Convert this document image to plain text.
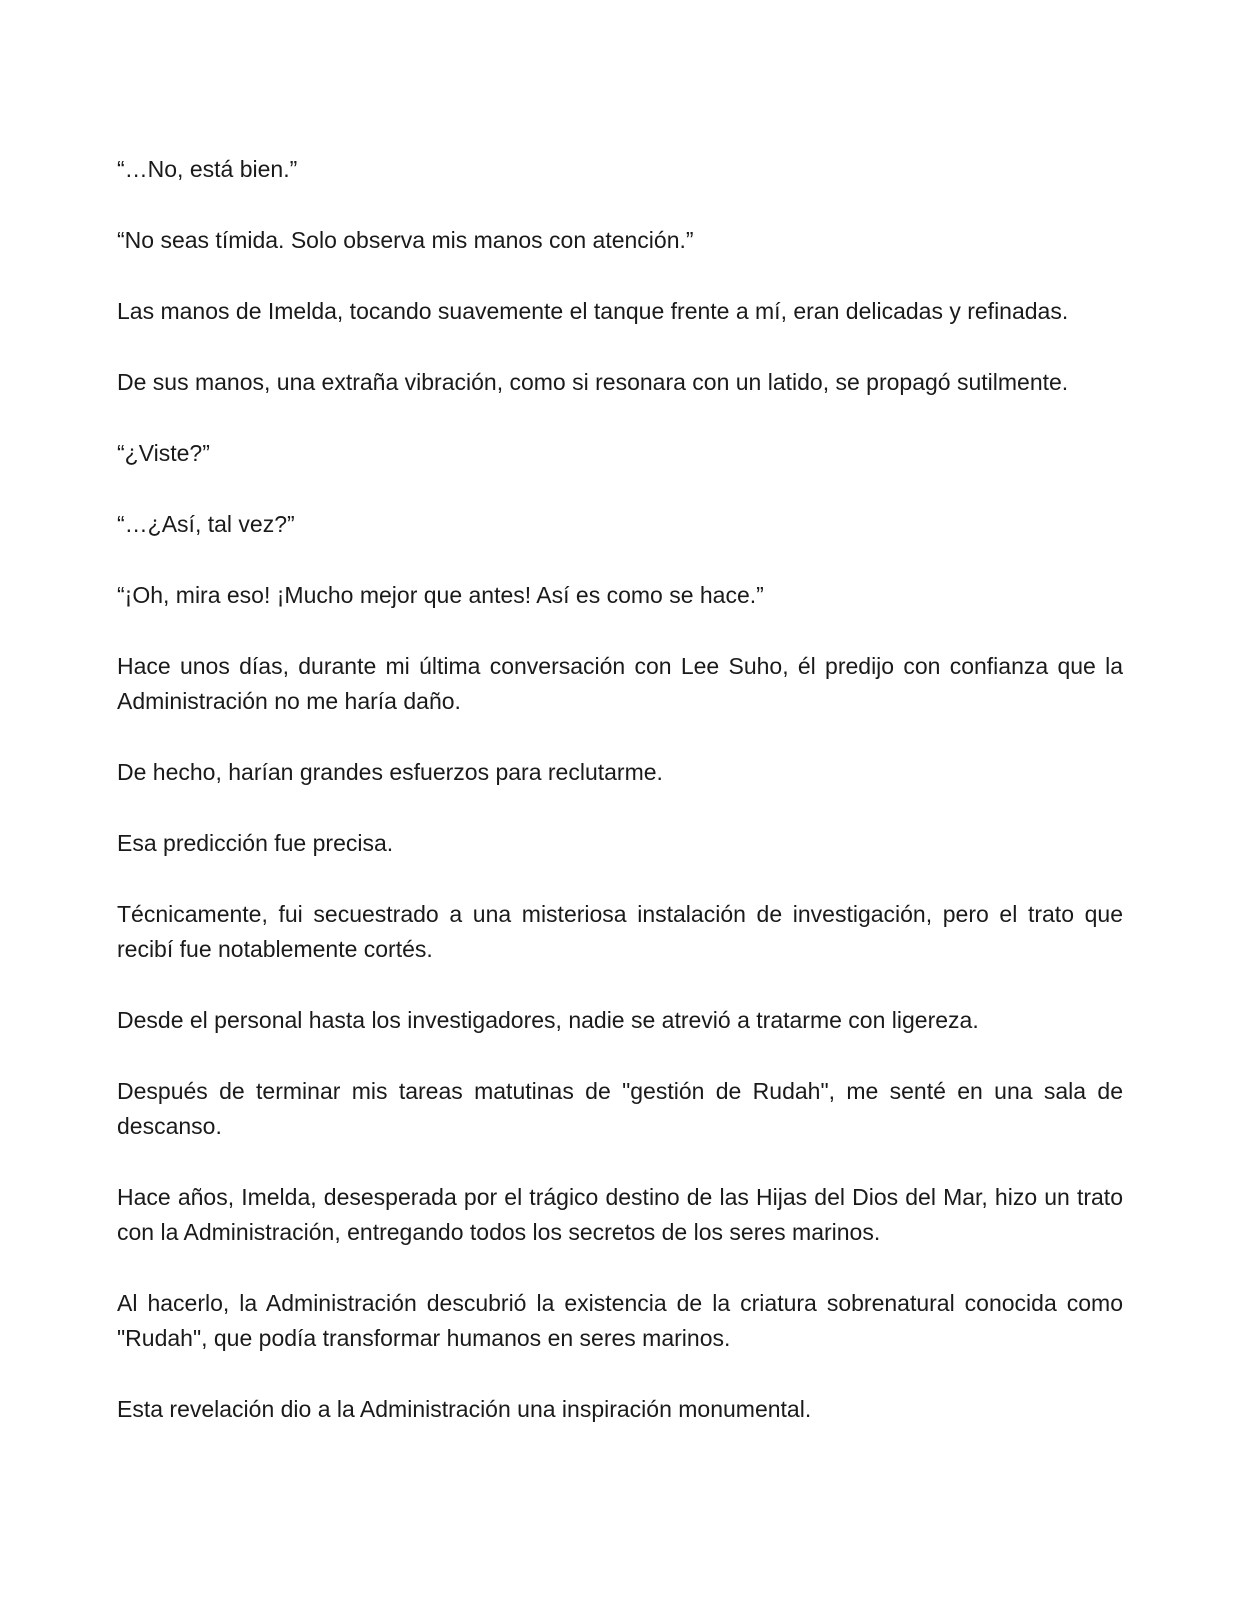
“…No, está bien.”

“No seas tímida. Solo observa mis manos con atención.”

Las manos de Imelda, tocando suavemente el tanque frente a mí, eran delicadas y refinadas.

De sus manos, una extraña vibración, como si resonara con un latido, se propagó sutilmente.

“¿Viste?”

“…¿Así, tal vez?”

“¡Oh, mira eso! ¡Mucho mejor que antes! Así es como se hace.”

Hace unos días, durante mi última conversación con Lee Suho, él predijo con confianza que la Administración no me haría daño.

De hecho, harían grandes esfuerzos para reclutarme.

Esa predicción fue precisa.

Técnicamente, fui secuestrado a una misteriosa instalación de investigación, pero el trato que recibí fue notablemente cortés.

Desde el personal hasta los investigadores, nadie se atrevió a tratarme con ligereza.

Después de terminar mis tareas matutinas de "gestión de Rudah", me senté en una sala de descanso.

Hace años, Imelda, desesperada por el trágico destino de las Hijas del Dios del Mar, hizo un trato con la Administración, entregando todos los secretos de los seres marinos.

Al hacerlo, la Administración descubrió la existencia de la criatura sobrenatural conocida como "Rudah", que podía transformar humanos en seres marinos.

Esta revelación dio a la Administración una inspiración monumental.
